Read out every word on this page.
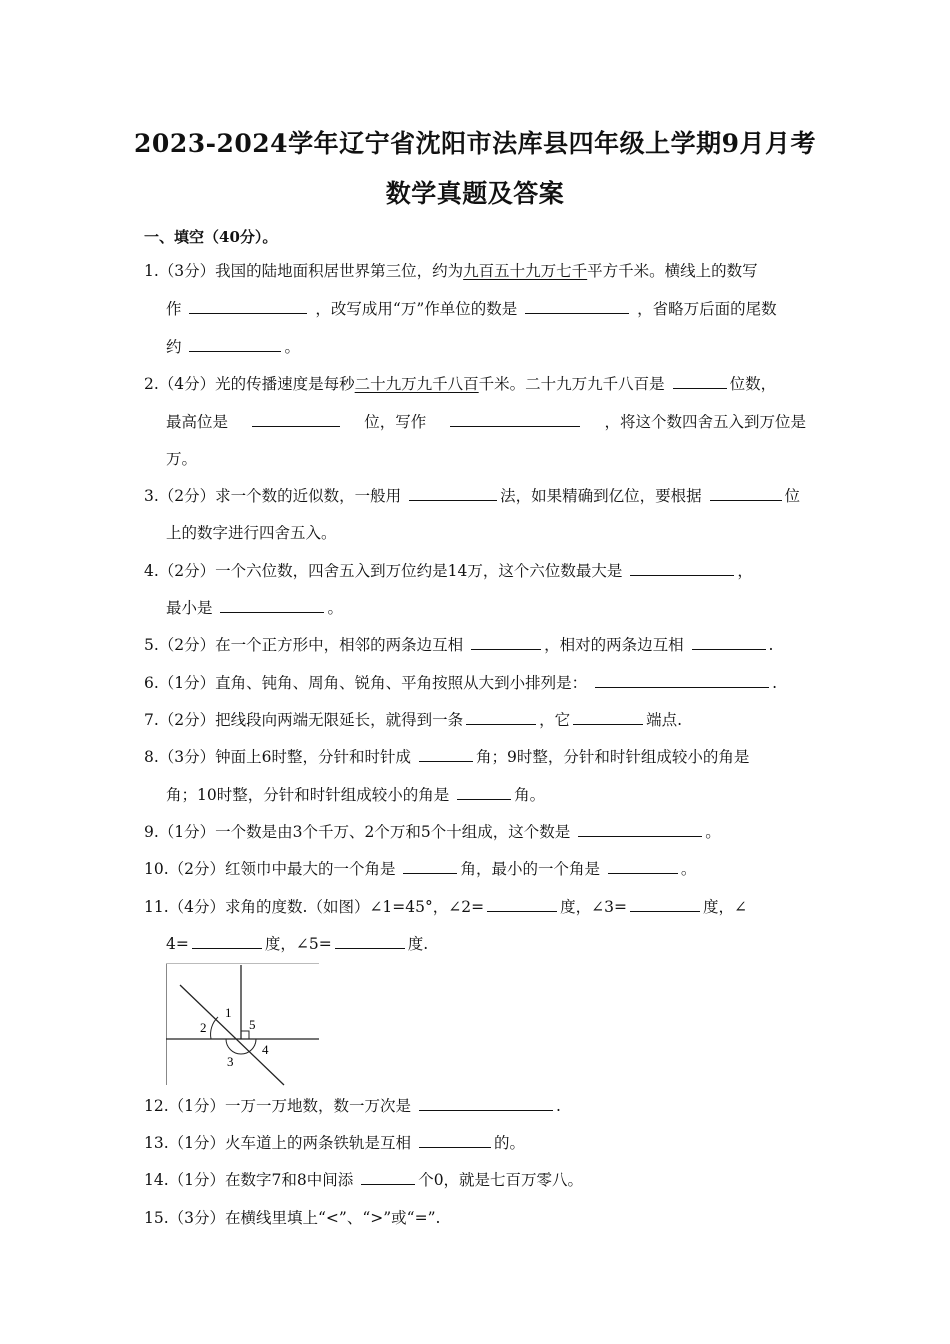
2023-2024学年辽宁省沈阳市法库县四年级上学期9月月考
数学真题及答案
一、填空（40分）。
1.（3分）我国的陆地面积居世界第三位，约为九百五十九万七千平方千米。横线上的数写
作	，改写成用“万”作单位的数是	，省略万后面的尾数
约	。
2.（4分）光的传播速度是每秒二十九万九千八百千米。二十九万九千八百是	位数，
最高位是	位，写作	，将这个数四舍五入到万位是
万。
3.（2分）求一个数的近似数，一般用	法，如果精确到亿位，要根据	位
上的数字进行四舍五入。
4.（2分）一个六位数，四舍五入到万位约是14万，这个六位数最大是	，
最小是	。
5.（2分）在一个正方形中，相邻的两条边互相	，相对的两条边互相	.
6.（1分）直角、钝角、周角、锐角、平角按照从大到小排列是：	.
7.（2分）把线段向两端无限延长，就得到一条	，它	端点.
8.（3分）钟面上6时整，分针和时针成	角；9时整，分针和时针组成较小的角是
角；10时整，分针和时针组成较小的角是	角。
9.（1分）一个数是由3个千万、2个万和5个十组成，这个数是	。
10.（2分）红领巾中最大的一个角是	角，最小的一个角是	。
11.（4分）求角的度数.（如图）∠1=45°，∠2=	度，∠3=	度，∠
4=	度，∠5=	度.
1
2
3
4
5
12.（1分）一万一万地数，数一万次是	.
13.（1分）火车道上的两条铁轨是互相	的。
14.（1分）在数字7和8中间添	个0，就是七百万零八。
15.（3分）在横线里填上“<”、“>”或“=”.
